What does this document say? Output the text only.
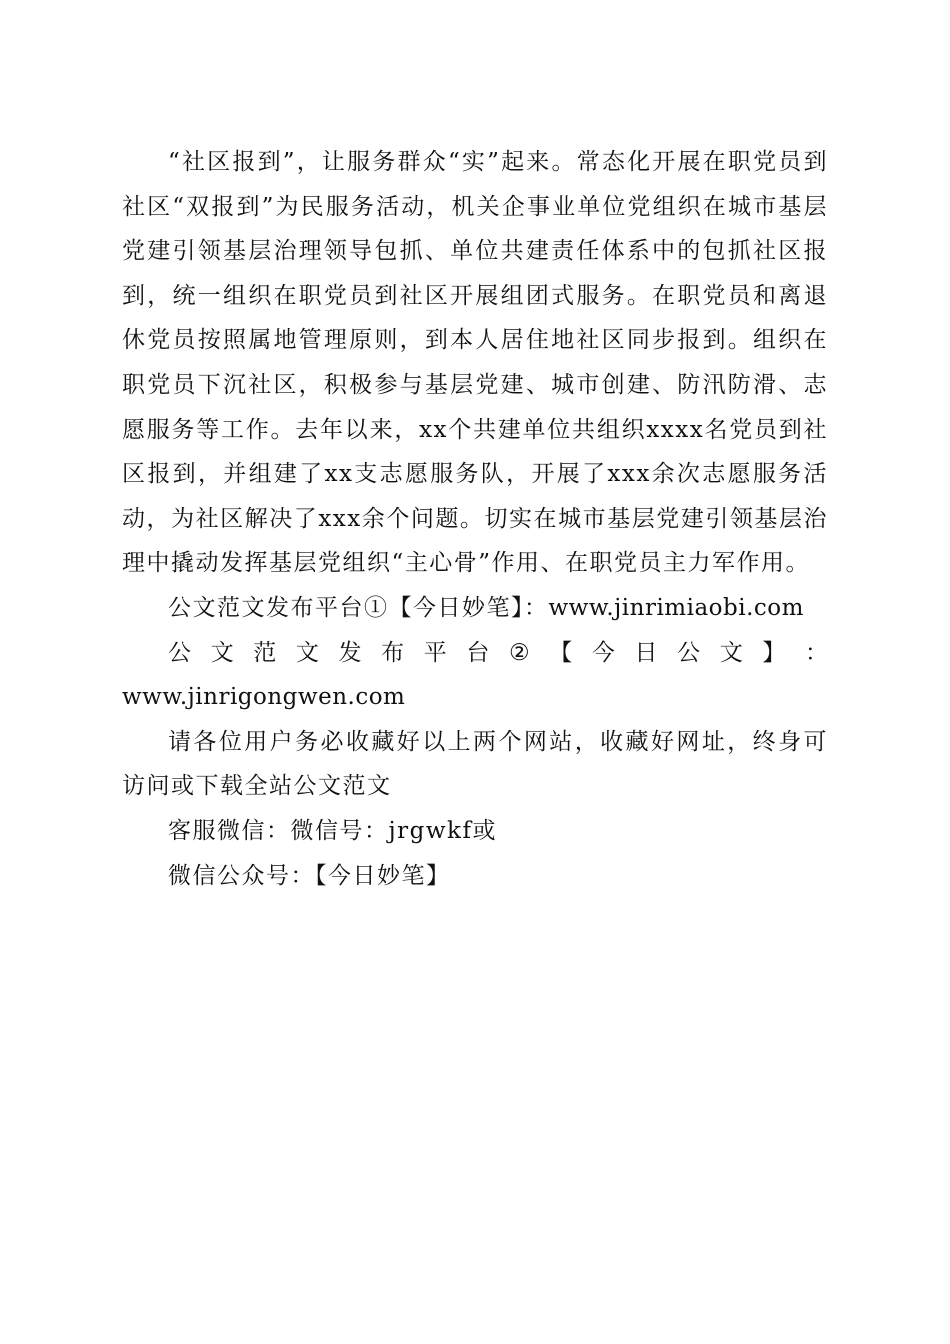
“社区报到”，让服务群众“实”起来。常态化开展在职党员到社区“双报到”为民服务活动，机关企事业单位党组织在城市基层党建引领基层治理领导包抓、单位共建责任体系中的包抓社区报到，统一组织在职党员到社区开展组团式服务。在职党员和离退休党员按照属地管理原则，到本人居住地社区同步报到。组织在职党员下沉社区，积极参与基层党建、城市创建、防汛防滑、志愿服务等工作。去年以来，xx个共建单位共组织xxxx名党员到社区报到，并组建了xx支志愿服务队，开展了xxx余次志愿服务活动，为社区解决了xxx余个问题。切实在城市基层党建引领基层治理中撬动发挥基层党组织“主心骨”作用、在职党员主力军作用。

公文范文发布平台①【今日妙笔】：www.jinrimiaobi.com

公 文 范 文 发 布 平 台 ② 【 今 日 公 文 】 ：
www.jinrigongwen.com

请各位用户务必收藏好以上两个网站，收藏好网址，终身可访问或下载全站公文范文

客服微信：微信号：jrgwkf或

微信公众号：【今日妙笔】
